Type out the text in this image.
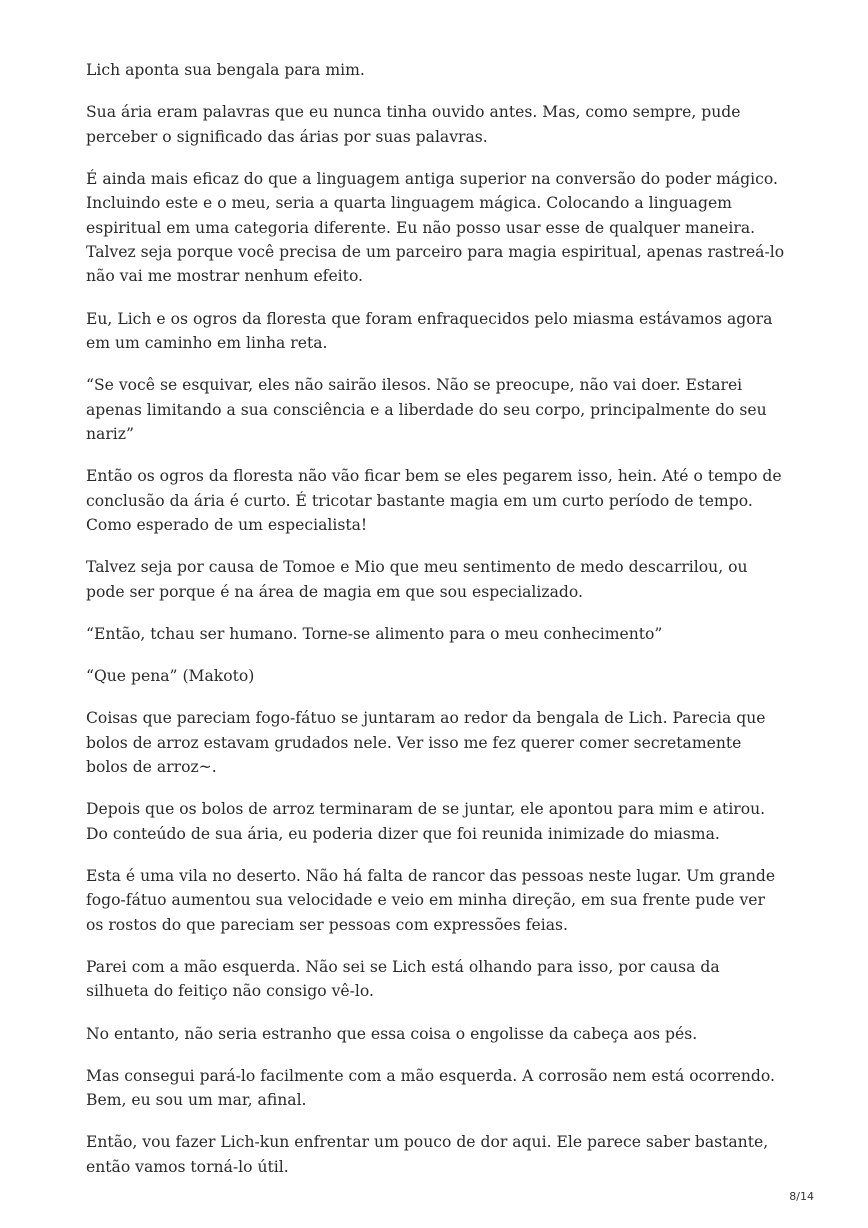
Lich aponta sua bengala para mim.

Sua ária eram palavras que eu nunca tinha ouvido antes. Mas, como sempre, pude perceber o significado das árias por suas palavras.

É ainda mais eficaz do que a linguagem antiga superior na conversão do poder mágico. Incluindo este e o meu, seria a quarta linguagem mágica. Colocando a linguagem espiritual em uma categoria diferente. Eu não posso usar esse de qualquer maneira. Talvez seja porque você precisa de um parceiro para magia espiritual, apenas rastreá-lo não vai me mostrar nenhum efeito.

Eu, Lich e os ogros da floresta que foram enfraquecidos pelo miasma estávamos agora em um caminho em linha reta.

“Se você se esquivar, eles não sairão ilesos. Não se preocupe, não vai doer. Estarei apenas limitando a sua consciência e a liberdade do seu corpo, principalmente do seu nariz”

Então os ogros da floresta não vão ficar bem se eles pegarem isso, hein. Até o tempo de conclusão da ária é curto. É tricotar bastante magia em um curto período de tempo. Como esperado de um especialista!

Talvez seja por causa de Tomoe e Mio que meu sentimento de medo descarrilou, ou pode ser porque é na área de magia em que sou especializado.

“Então, tchau ser humano. Torne-se alimento para o meu conhecimento”

“Que pena” (Makoto)

Coisas que pareciam fogo-fátuo se juntaram ao redor da bengala de Lich. Parecia que bolos de arroz estavam grudados nele. Ver isso me fez querer comer secretamente bolos de arroz~.

Depois que os bolos de arroz terminaram de se juntar, ele apontou para mim e atirou. Do conteúdo de sua ária, eu poderia dizer que foi reunida inimizade do miasma.

Esta é uma vila no deserto. Não há falta de rancor das pessoas neste lugar. Um grande fogo-fátuo aumentou sua velocidade e veio em minha direção, em sua frente pude ver os rostos do que pareciam ser pessoas com expressões feias.

Parei com a mão esquerda. Não sei se Lich está olhando para isso, por causa da silhueta do feitiço não consigo vê-lo.

No entanto, não seria estranho que essa coisa o engolisse da cabeça aos pés.

Mas consegui pará-lo facilmente com a mão esquerda. A corrosão nem está ocorrendo. Bem, eu sou um mar, afinal.

Então, vou fazer Lich-kun enfrentar um pouco de dor aqui. Ele parece saber bastante, então vamos torná-lo útil.

8/14
